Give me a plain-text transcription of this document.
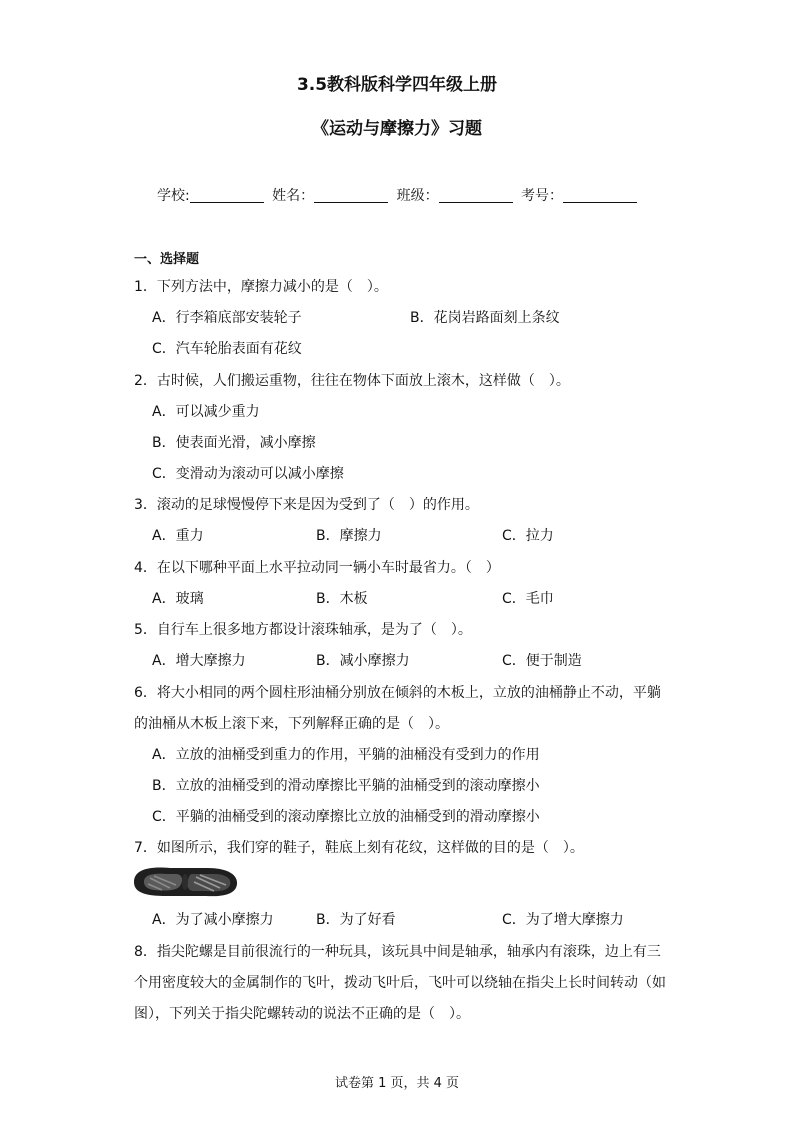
3.5教科版科学四年级上册
《运动与摩擦力》习题
学校:	姓名：	班级：	考号：
一、选择题
1．下列方法中，摩擦力减小的是（　）。
A．行李箱底部安装轮子	B．花岗岩路面刻上条纹
C．汽车轮胎表面有花纹
2．古时候，人们搬运重物，往往在物体下面放上滚木，这样做（　）。
A．可以减少重力
B．使表面光滑，减小摩擦
C．变滑动为滚动可以减小摩擦
3．滚动的足球慢慢停下来是因为受到了（　）的作用。
A．重力	B．摩擦力	C．拉力
4．在以下哪种平面上水平拉动同一辆小车时最省力。（　）
A．玻璃	B．木板	C．毛巾
5．自行车上很多地方都设计滚珠轴承，是为了（　）。
A．增大摩擦力	B．减小摩擦力	C．便于制造
6．将大小相同的两个圆柱形油桶分别放在倾斜的木板上，立放的油桶静止不动，平躺
的油桶从木板上滚下来，下列解释正确的是（　）。
A．立放的油桶受到重力的作用，平躺的油桶没有受到力的作用
B．立放的油桶受到的滑动摩擦比平躺的油桶受到的滚动摩擦小
C．平躺的油桶受到的滚动摩擦比立放的油桶受到的滑动摩擦小
7．如图所示，我们穿的鞋子，鞋底上刻有花纹，这样做的目的是（　）。
A．为了减小摩擦力	B．为了好看	C．为了增大摩擦力
8．指尖陀螺是目前很流行的一种玩具，该玩具中间是轴承，轴承内有滚珠，边上有三
个用密度较大的金属制作的飞叶，拨动飞叶后，飞叶可以绕轴在指尖上长时间转动（如
图），下列关于指尖陀螺转动的说法不正确的是（　）。
试卷第 1 页，共 4 页
